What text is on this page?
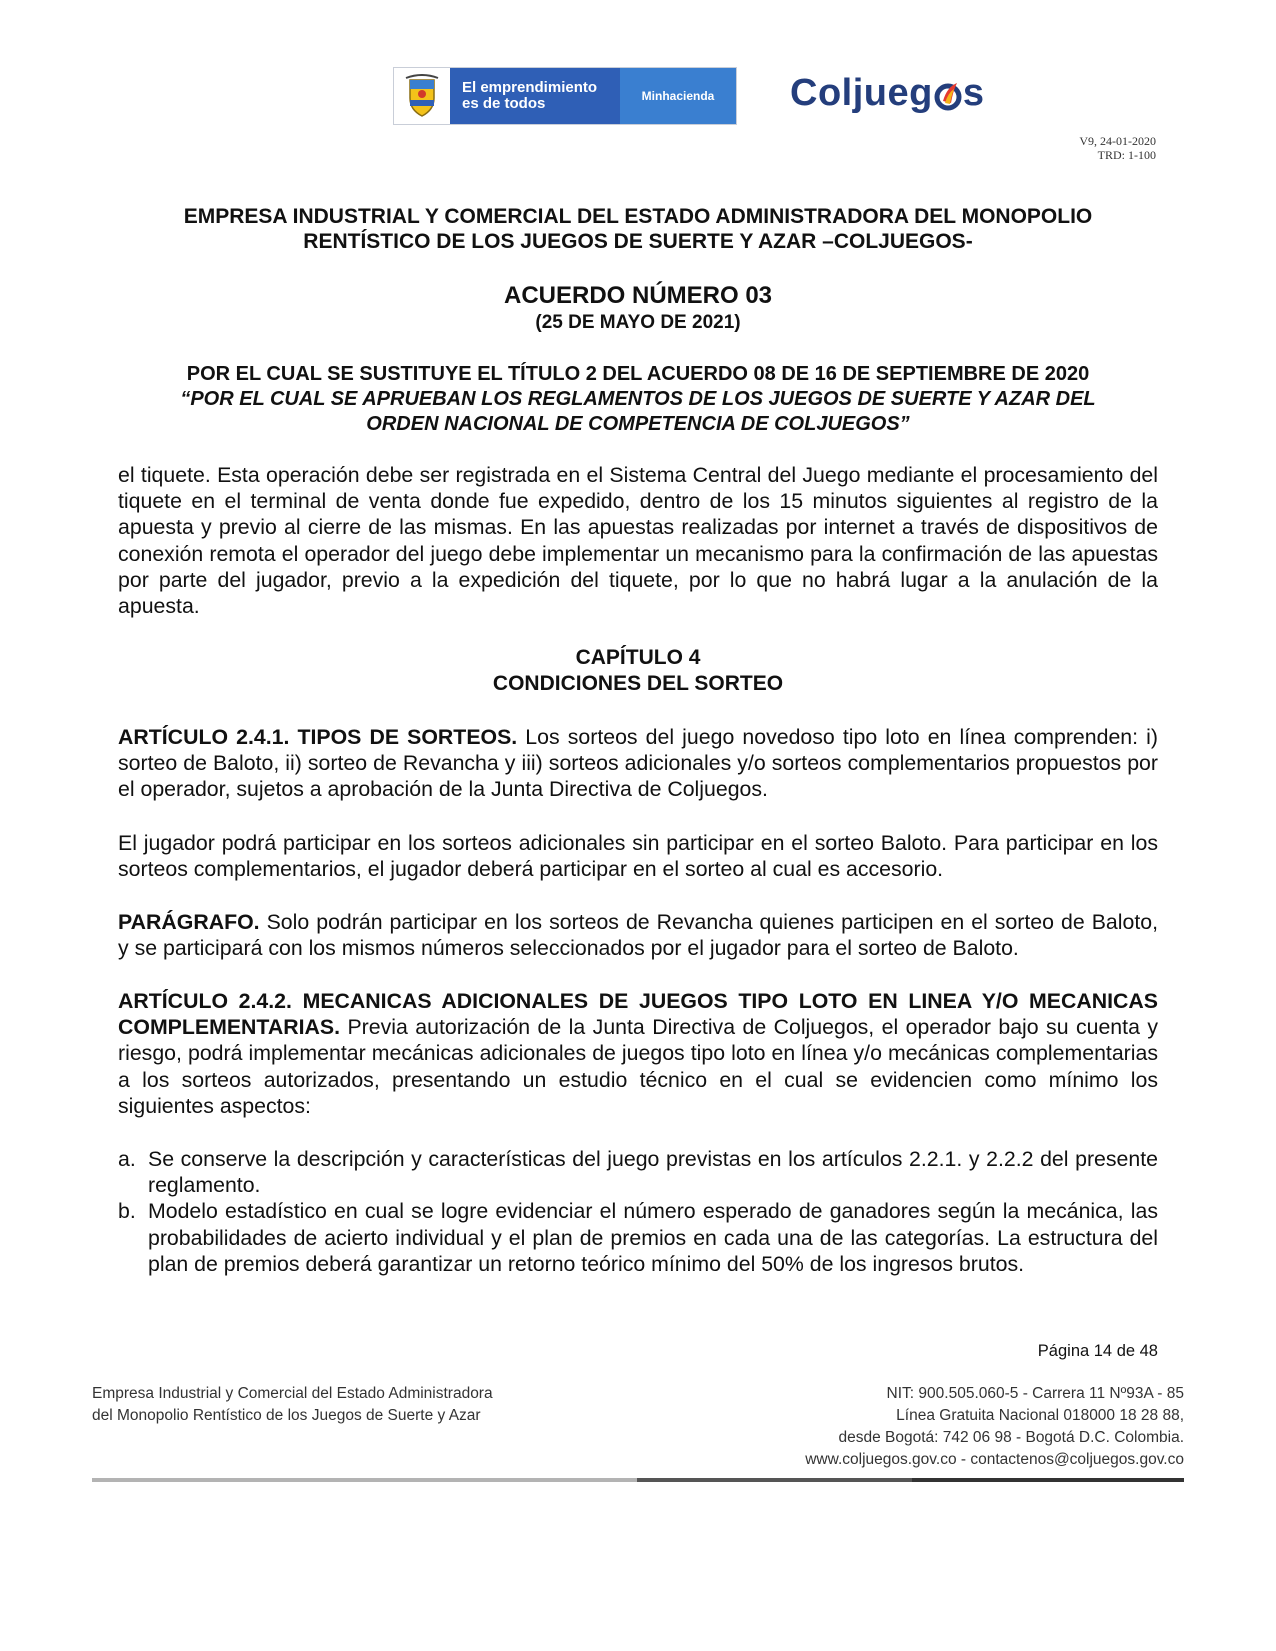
El emprendimiento
es de todos	Minhacienda	Coljueg s
V9, 24-01-2020
TRD: 1-100
EMPRESA INDUSTRIAL Y COMERCIAL DEL ESTADO ADMINISTRADORA DEL MONOPOLIO
RENTÍSTICO DE LOS JUEGOS DE SUERTE Y AZAR –COLJUEGOS-
ACUERDO NÚMERO 03
(25 DE MAYO DE 2021)
POR EL CUAL SE SUSTITUYE EL TÍTULO 2 DEL ACUERDO 08 DE 16 DE SEPTIEMBRE DE 2020
“POR EL CUAL SE APRUEBAN LOS REGLAMENTOS DE LOS JUEGOS DE SUERTE Y AZAR DEL
ORDEN NACIONAL DE COMPETENCIA DE COLJUEGOS”
el tiquete. Esta operación debe ser registrada en el Sistema Central del Juego mediante el procesamiento del tiquete en el terminal de venta donde fue expedido, dentro de los 15 minutos siguientes al registro de la apuesta y previo al cierre de las mismas. En las apuestas realizadas por internet a través de dispositivos de conexión remota el operador del juego debe implementar un mecanismo para la confirmación de las apuestas por parte del jugador, previo a la expedición del tiquete, por lo que no habrá lugar a la anulación de la apuesta.
CAPÍTULO 4
CONDICIONES DEL SORTEO
ARTÍCULO 2.4.1. TIPOS DE SORTEOS. Los sorteos del juego novedoso tipo loto en línea comprenden: i) sorteo de Baloto, ii) sorteo de Revancha y iii) sorteos adicionales y/o sorteos complementarios propuestos por el operador, sujetos a aprobación de la Junta Directiva de Coljuegos.
El jugador podrá participar en los sorteos adicionales sin participar en el sorteo Baloto. Para participar en los sorteos complementarios, el jugador deberá participar en el sorteo al cual es accesorio.
PARÁGRAFO. Solo podrán participar en los sorteos de Revancha quienes participen en el sorteo de Baloto, y se participará con los mismos números seleccionados por el jugador para el sorteo de Baloto.
ARTÍCULO 2.4.2. MECANICAS ADICIONALES DE JUEGOS TIPO LOTO EN LINEA Y/O MECANICAS COMPLEMENTARIAS. Previa autorización de la Junta Directiva de Coljuegos, el operador bajo su cuenta y riesgo, podrá implementar mecánicas adicionales de juegos tipo loto en línea y/o mecánicas complementarias a los sorteos autorizados, presentando un estudio técnico en el cual se evidencien como mínimo los siguientes aspectos:
a. Se conserve la descripción y características del juego previstas en los artículos 2.2.1. y 2.2.2 del presente reglamento.
b. Modelo estadístico en cual se logre evidenciar el número esperado de ganadores según la mecánica, las probabilidades de acierto individual y el plan de premios en cada una de las categorías. La estructura del plan de premios deberá garantizar un retorno teórico mínimo del 50% de los ingresos brutos.
Página 14 de 48
Empresa Industrial y Comercial del Estado Administradora
del Monopolio Rentístico de los Juegos de Suerte y Azar
NIT: 900.505.060-5 - Carrera 11 Nº93A - 85
Línea Gratuita Nacional 018000 18 28 88,
desde Bogotá: 742 06 98 - Bogotá D.C. Colombia.
www.coljuegos.gov.co - contactenos@coljuegos.gov.co
